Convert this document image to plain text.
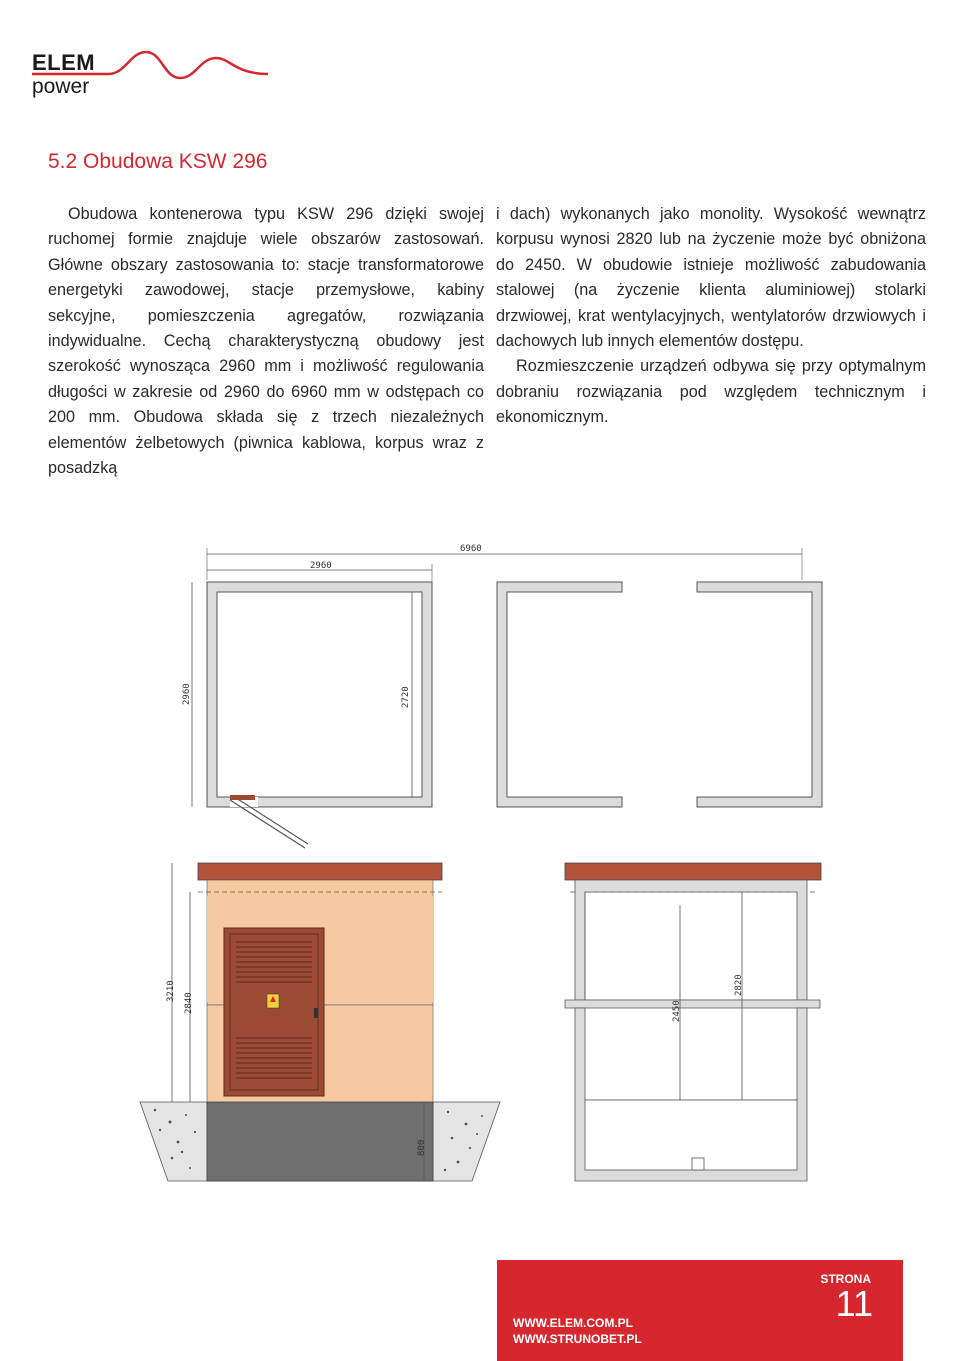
ELEM
power
5.2 Obudowa KSW 296

Obudowa kontenerowa typu KSW 296 dzięki swojej ruchomej formie znajduje wiele obszarów zastosowań. Główne obszary zastosowania to: stacje transformatorowe energetyki zawodowej, stacje przemysłowe, kabiny sekcyjne, pomieszczenia agregatów, rozwiązania indywidualne. Cechą charakterystyczną obudowy jest szerokość wynosząca 2960 mm i możliwość regulowania długości w zakresie od 2960 do 6960 mm w odstępach co 200 mm. Obudowa składa się z trzech niezależnych elementów żelbetowych (piwnica kablowa, korpus wraz z posadzką

i dach) wykonanych jako monolity. Wysokość wewnątrz korpusu wynosi 2820 lub na życzenie może być obniżona do 2450. W obudowie istnieje możliwość zabudowania stalowej (na życzenie klienta aluminiowej) stolarki drzwiowej, krat wentylacyjnych, wentylatorów drzwiowych i dachowych lub innych elementów dostępu.

Rozmieszczenie urządzeń odbywa się przy optymalnym dobraniu rozwiązania pod względem technicznym i ekonomicznym.

6960
2960
2960	2720
3210
2840
800
2450
2820
STRONA
11
WWW.ELEM.COM.PL
WWW.STRUNOBET.PL
